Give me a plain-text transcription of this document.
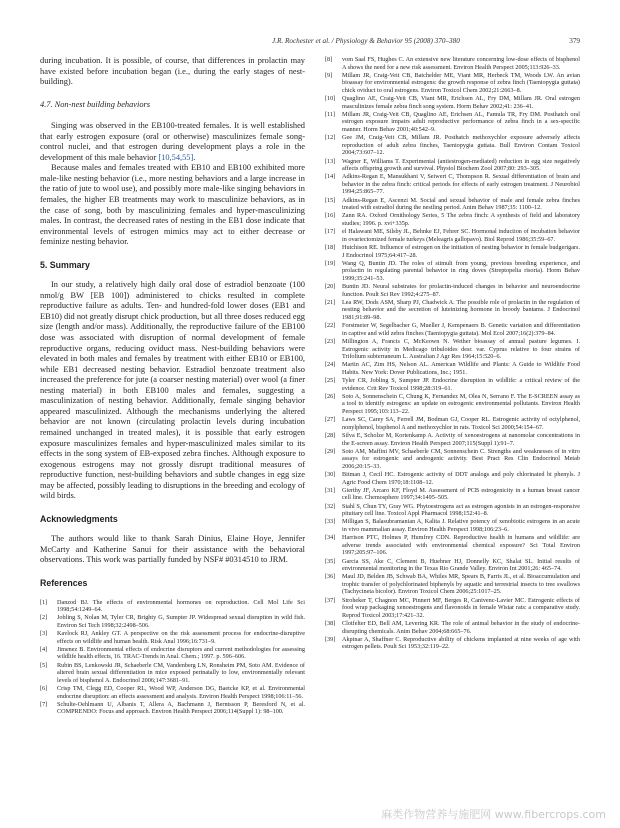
J.R. Rochester et al. / Physiology & Behavior 95 (2008) 370–380	379

during incubation. It is possible, of course, that differences in prolactin may have existed before incubation began (i.e., during the early stages of nest-building).

4.7. Non-nest building behaviors

Singing was observed in the EB100-treated females. It is well established that early estrogen exposure (oral or otherwise) masculinizes female song-control nuclei, and that estrogen during development plays a role in the development of this male behavior [10,54,55].

Because males and females treated with EB10 and EB100 exhibited more male-like nesting behavior (i.e., more nesting behaviors and a large increase in the ratio of jute to wool use), and possibly more male-like singing behaviors in females, the higher EB treatments may work to masculinize behaviors, as in the case of song, both by masculinizing females and hyper-masculinizing males. In contrast, the decreased rates of nesting in the EB1 dose indicate that environmental levels of estrogen mimics may act to either decrease or feminize nesting behavior.

5. Summary

In our study, a relatively high daily oral dose of estradiol benzoate (100 nmol/g BW [EB 100]) administered to chicks resulted in complete reproductive failure as adults. Ten- and hundred-fold lower doses (EB1 and EB10) did not greatly disrupt chick production, but all three doses reduced egg size (length and/or mass). Additionally, the reproductive failure of the EB100 dose was associated with disruption of normal development of female reproductive organs, reducing oviduct mass. Nest-building behaviors were elevated in both males and females by treatment with either EB10 or EB100, while EB1 decreased nesting behavior. Estradiol benzoate treatment also increased the preference for jute (a coarser nesting material) over wool (a finer nesting material) in both EB100 males and females, suggesting a masculinization of nesting behavior. Additionally, female singing behavior appeared masculinized. Although the mechanisms underlying the altered behavior are not known (circulating prolactin levels during incubation remained unchanged in treated males), it is possible that early estrogen exposure masculinizes females and hyper-masculinized males similar to its effects in the song system of EB-exposed zebra finches. Although exposure to exogenous estrogens may not grossly disrupt traditional measures of reproductive function, nest-building behaviors and subtle changes in egg size may be affected, possibly leading to disruptions in the breeding and ecology of wild birds.

Acknowledgments

The authors would like to thank Sarah Dinius, Elaine Hoye, Jennifer McCarty and Katherine Sanui for their assistance with the behavioral observations. This work was partially funded by NSF# #0314510 to JRM.

References
[1] Danzod BJ. The effects of environmental hormones on reproduction. Cell Mol Life Sci 1998;54:1249–64.
[2] Jobling S, Nolan M, Tyler CR, Brighty G, Sumpter JP. Widespread sexual disruption in wild fish. Environ Sci Tech 1998;32:2498–506.
[3] Kavlock RJ, Ankley GT. A perspective on the risk assessment process for endocrine-disruptive effects on wildlife and human health. Risk Anal 1996;16:731–9.
[4] Jimenez B. Environmental effects of endocrine disruptors and current methodologies for assessing wildlife health effects, 16. TRAC-Trends in Anal. Chem.; 1997. p. 596–606.
[5] Rubin BS, Lenkowski JR, Schaeberle CM, Vandenberg LN, Ronsheim PM, Soto AM. Evidence of altered brain sexual differentiation in mice exposed perinatally to low, environmentally relevant levels of bisphenol A. Endocrinol 2006;147:3681–91.
[6] Crisp TM, Clegg ED, Cooper RL, Wood WP, Anderson DG, Baetcke KP, et al. Environmental endocrine disruption: an effects assessment and analysis. Environ Health Perspect 1998;106:11–56.
[7] Schulte-Oehlmann U, Albanis T, Allera A, Bachmann J, Berntsson P, Beresford N, et al. COMPRENDO: Focus and approach. Environ Health Perspect 2006;114(Suppl 1): 98–100.
[8] vom Saal FS, Hughes C. An extensive new literature concerning low-dose effects of bisphenol A shows the need for a new risk assessment. Environ Health Perspect 2005;113:926–33.
[9] Millam JR, Craig-Veit CB, Batchelder ME, Viant MR, Herbeck TM, Woods LW. An avian bioassay for environmental estrogens: the growth response of zebra finch (Taeniopygia guttata) chick oviduct to oral estrogens. Environ Toxicol Chem 2002;21:2663–8.
[10] Quaglino AE, Craig-Veit CB, Viant MR, Erichsen AL, Fry DM, Millam JR. Oral estrogen masculinizes female zebra finch song system. Horm Behav 2002;41: 236–41.
[11] Millam JR, Craig-Veit CB, Quaglino AE, Erichsen AL, Famula TR, Fry DM. Posthatch oral estrogen exposure impairs adult reproductive performance of zebra finch in a sex-specific manner. Horm Behav 2001;40:542–9.
[12] Gee JM, Craig-Veit CB, Millam JR. Posthatch methoxychlor exposure adversely affects reproduction of adult zebra finches, Taeniopygia guttata. Bull Environ Contam Toxicol 2004;73:607–12.
[13] Wagner E, Williams T. Experimental (antiestrogen-mediated) reduction in egg size negatively affects offspring growth and survival. Physiol Biochem Zool 2007;80: 293–305.
[14] Adkins-Regan E, Mansukhani V, Seiwert C, Thompson R. Sexual differentiation of brain and behavior in the zebra finch: critical periods for effects of early estrogen treatment. J Neurobiol 1994;25:865–77.
[15] Adkins-Regan E, Ascenzi M. Social and sexual behavior of male and female zebra finches treated with estradiol during the nestling period. Anim Behav 1987;35: 1100–12.
[16] Zann RA. Oxford Ornithology Series, 5 The zebra finch: A synthesis of field and laboratory studies; 1996. p. xvi+335p.
[17] el Halawani ME, Silsby JL, Behnke EJ, Fehrer SC. Hormonal induction of incubation behavior in ovariectomized female turkeys (Meleagris gallopavo). Biol Reprod 1986;35:59–67.
[18] Hutchison RE. Influence of estrogen on the initiation of nesting behavior in female budgerigars. J Endocrinol 1975;64:417–28.
[19] Wang Q, Buntin JD. The roles of stimuli from young, previous breeding experience, and prolactin in regulating parental behavior in ring doves (Streptopelia risoria). Horm Behav 1999;35:241–53.
[20] Buntin JD. Neural substrates for prolactin-induced changes in behavior and neuroendocrine function. Poult Sci Rev 1992;4:275–87.
[21] Lea RW, Dods ASM, Sharp PJ, Chadwick A. The possible role of prolactin in the regulation of nesting behavior and the secretion of luteinizing hormone in broody bantams. J Endocrinol 1981;91:89–98.
[22] Forstmeier W, Segelbacher G, Mueller J, Kempenaers B. Genetic variation and differentiation in captive and wild zebra finches (Taeniopygia guttata). Mol Ecol 2007;16(2):379–84.
[23] Millington A, Francis C, McKeown N. Wether bioassay of annual pasture legumes. I. Estrogenic activity in Medicago tribuloides desr. var. Cyprus relative to four strains of Trifolium subterraneum L. Australian J Agr Res 1964;15:520–6.
[24] Martin AC, Zim HS, Nelson AL. American Wildlife and Plants: A Guide to Wildlife Food Habits. New York: Dover Publications, Inc.; 1951.
[25] Tyler CR, Jobling S, Sumpter JP. Endocrine disruption in wildlife: a critical review of the evidence. Crit Rev Toxicol 1998;28:319–61.
[26] Soto A, Sonnenschein C, Chung K, Fernandez M, Olea N, Serrano F. The E-SCREEN assay as a tool to identify estrogens: an update on estrogenic environmental pollutants. Environ Health Perspect 1995;103:113–22.
[27] Laws SC, Carey SA, Ferrell JM, Bodman GJ, Cooper RL. Estrogenic activity of octylphenol, nonylphenol, bisphenol A and methoxychlor in rats. Toxicol Sci 2000;54:154–67.
[28] Silva E, Scholze M, Kortenkamp A. Activity of xenoestrogens at nanomolar concentrations in the E-screen assay. Environ Health Perspect 2007;115(Suppl 1):91–7.
[29] Soto AM, Maffini MV, Schaeberle CM, Sonnenschein C. Strengths and weaknesses of in vitro assays for estrogenic and androgenic activity. Best Pract Res Clin Endocrinol Metab 2006;20:15–33.
[30] Bitman J, Cecil HC. Estrogenic activity of DDT analogs and poly chlorinated bi phenyls. J Agric Food Chem 1970;18:1108–12.
[31] Gierthy JF, Arcaro KF, Floyd M. Assessment of PCB estrogenicity in a human breast cancer cell line. Chemosphere 1997;34:1495–505.
[32] Stahl S, Chun TY, Gray WG. Phytoestrogens act as estrogen agonists in an estrogen-responsive pituitary cell line. Toxicol Appl Pharmacol 1998;152:41–8.
[33] Milligan S, Balasubramanian A, Kalita J. Relative potency of xenobiotic estrogens in an acute in vivo mammalian assay. Environ Health Perspect 1998;106:23–6.
[34] Harrison PTC, Holmes P, Humfrey CDN. Reproductive health in humans and wildlife: are adverse trends associated with environmental chemical exposure? Sci Total Environ 1997;205:97–106.
[35] Garcia SS, Ake C, Clement B, Huebner HJ, Donnelly KC, Shalat SL. Initial results of environmental monitoring in the Texas Rio Grande Valley. Environ Int 2001;26: 465–74.
[36] Maul JD, Belden JB, Schwab BA, Whiles MR, Spears B, Farris JL, et al. Bioaccumulation and trophic transfer of polychlorinated biphenyls by aquatic and terrestrial insects to tree swallows (Tachycineta bicolor). Environ Toxicol Chem 2006;25:1017–25.
[37] Stroheker T, Chagnon MC, Pinnert MF, Berges R, Canivenc-Lavier MC. Estrogenic effects of food wrap packaging xenoestrogens and flavonoids in female Wistar rats: a comparative study. Reprod Toxicol 2003;17:421–32.
[38] Clotfelter ED, Bell AM, Levering KR. The role of animal behavior in the study of endocrine-disrupting chemicals. Anim Behav 2004;68:665–76.
[39] Akpinar A, Shaffner C. Reproductive ability of chickens implanted at nine weeks of age with estrogen pellets. Poult Sci 1953;32:119–22.
麻类作物营养与施肥网 www.fibercrops.com
